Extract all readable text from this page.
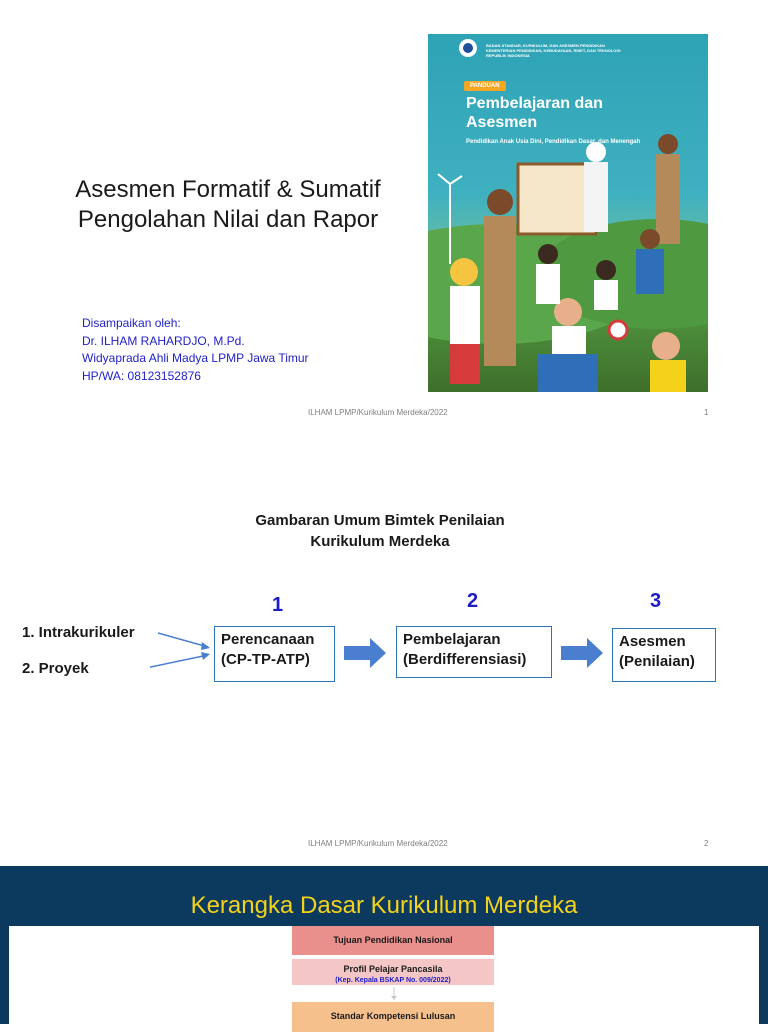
Asesmen Formatif & Sumatif
Pengolahan Nilai dan Rapor
Disampaikan oleh:
Dr. ILHAM RAHARDJO, M.Pd.
Widyaprada Ahli Madya LPMP Jawa Timur
HP/WA: 08123152876
BADAN STANDAR, KURIKULUM, DAN ASESMEN PENDIDIKAN
KEMENTERIAN PENDIDIKAN, KEBUDAYAAN, RISET, DAN TEKNOLOGI
REPUBLIK INDONESIA
PANDUAN
Pembelajaran dan
Asesmen
Pendidikan Anak Usia Dini, Pendidikan Dasar, dan Menengah
ILHAM LPMP/Kurikulum Merdeka/2022	1
Gambaran Umum Bimtek Penilaian
Kurikulum Merdeka
1. Intrakurikuler
2. Proyek
1	2	3
Perencanaan
(CP-TP-ATP)
Pembelajaran
(Berdifferensiasi)
Asesmen
(Penilaian)
ILHAM LPMP/Kurikulum Merdeka/2022	2
Kerangka Dasar Kurikulum Merdeka
Tujuan Pendidikan Nasional
Profil Pelajar Pancasila
(Kep. Kepala BSKAP No. 009/2022)
Standar Kompetensi Lulusan
